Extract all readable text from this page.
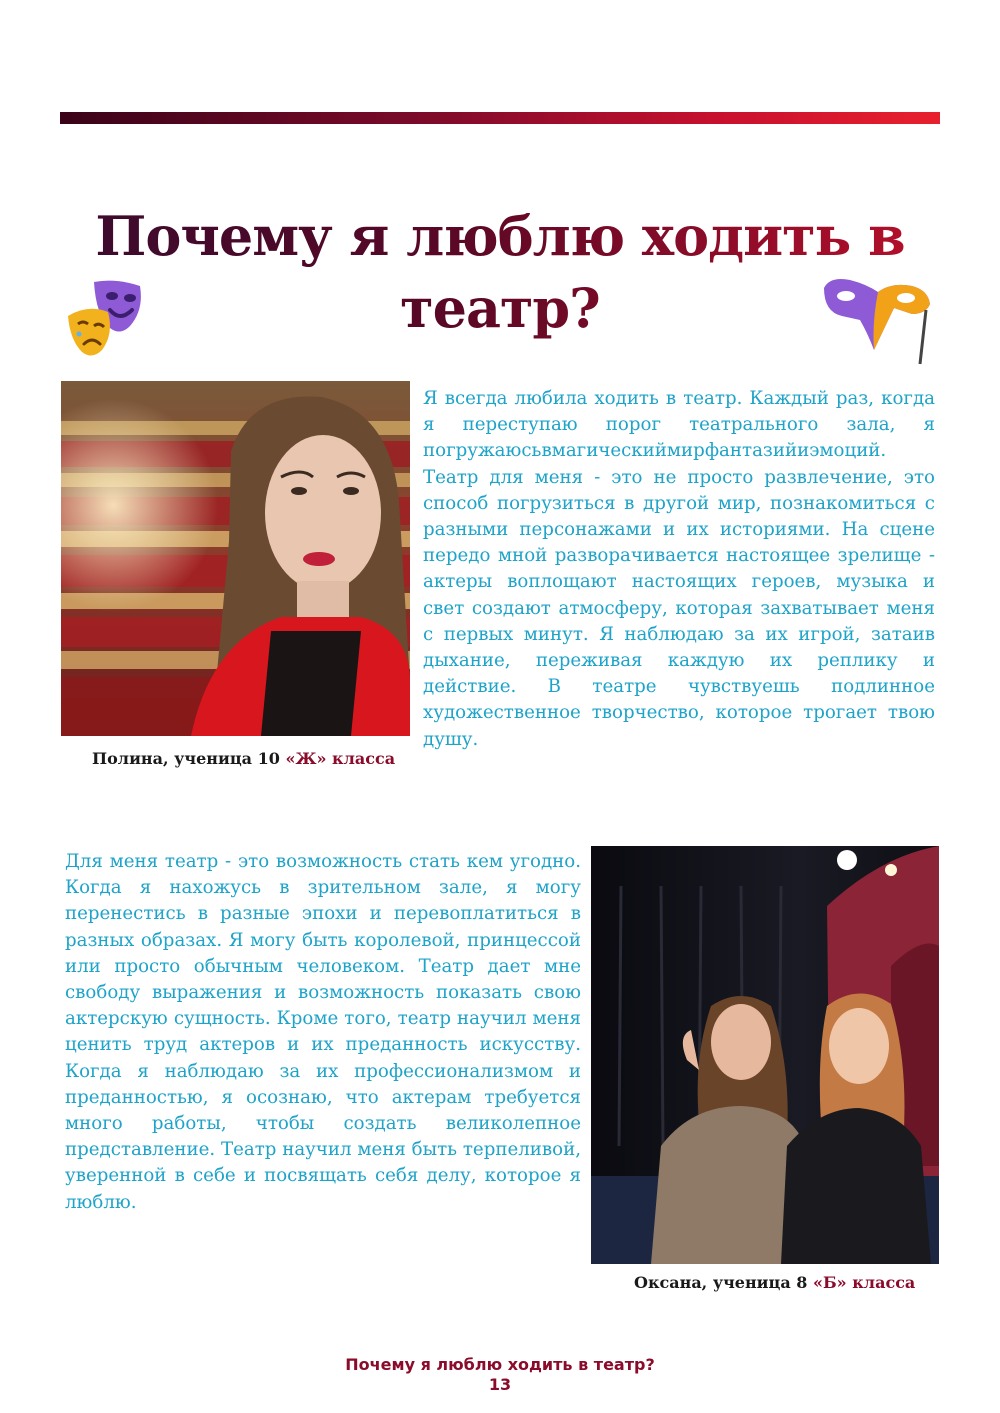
Почему я люблю ходить в
театр?
Полина, ученица 10 «Ж» класса
Я всегда любила ходить в театр. Каждый раз, когда я переступаю порог театрального зала, я погружаюсьвмагическиймирфантазийиэмоций. Театр для меня - это не просто развлечение, это способ погрузиться в другой мир, познакомиться с разными персонажами и их историями. На сцене передо мной разворачивается настоящее зрелище - актеры воплощают настоящих героев, музыка и свет создают атмосферу, которая захватывает меня с первых минут. Я наблюдаю за их игрой, затаив дыхание, переживая каждую их реплику и действие. В театре чувствуешь подлинное художественное творчество, которое трогает твою душу.
Для меня театр - это возможность стать кем угодно. Когда я нахожусь в зрительном зале, я могу перенестись в разные эпохи и перевоплатиться в разных образах. Я могу быть королевой, принцессой или просто обычным человеком. Театр дает мне свободу выражения и возможность показать свою актерскую сущность. Кроме того, театр научил меня ценить труд актеров и их преданность искусству. Когда я наблюдаю за их профессионализмом и преданностью, я осознаю, что актерам требуется много работы, чтобы создать великолепное представление. Театр научил меня быть терпеливой, уверенной в себе и посвящать себя делу, которое я люблю.
Оксана, ученица 8 «Б» класса
Почему я люблю ходить в театр?
13
